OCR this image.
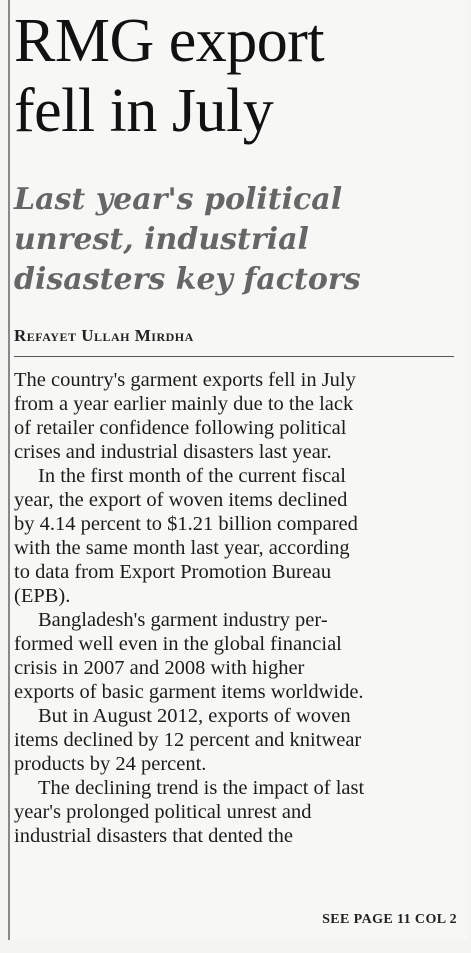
RMG export
fell in July
Last year's political
unrest, industrial
disasters key factors
Refayet Ullah Mirdha
The country's garment exports fell in July
from a year earlier mainly due to the lack
of retailer confidence following political
crises and industrial disasters last year.
In the first month of the current fiscal
year, the export of woven items declined
by 4.14 percent to $1.21 billion compared
with the same month last year, according
to data from Export Promotion Bureau
(EPB).
Bangladesh's garment industry per-
formed well even in the global financial
crisis in 2007 and 2008 with higher
exports of basic garment items worldwide.
But in August 2012, exports of woven
items declined by 12 percent and knitwear
products by 24 percent.
The declining trend is the impact of last
year's prolonged political unrest and
industrial disasters that dented the
SEE PAGE 11 COL 2
